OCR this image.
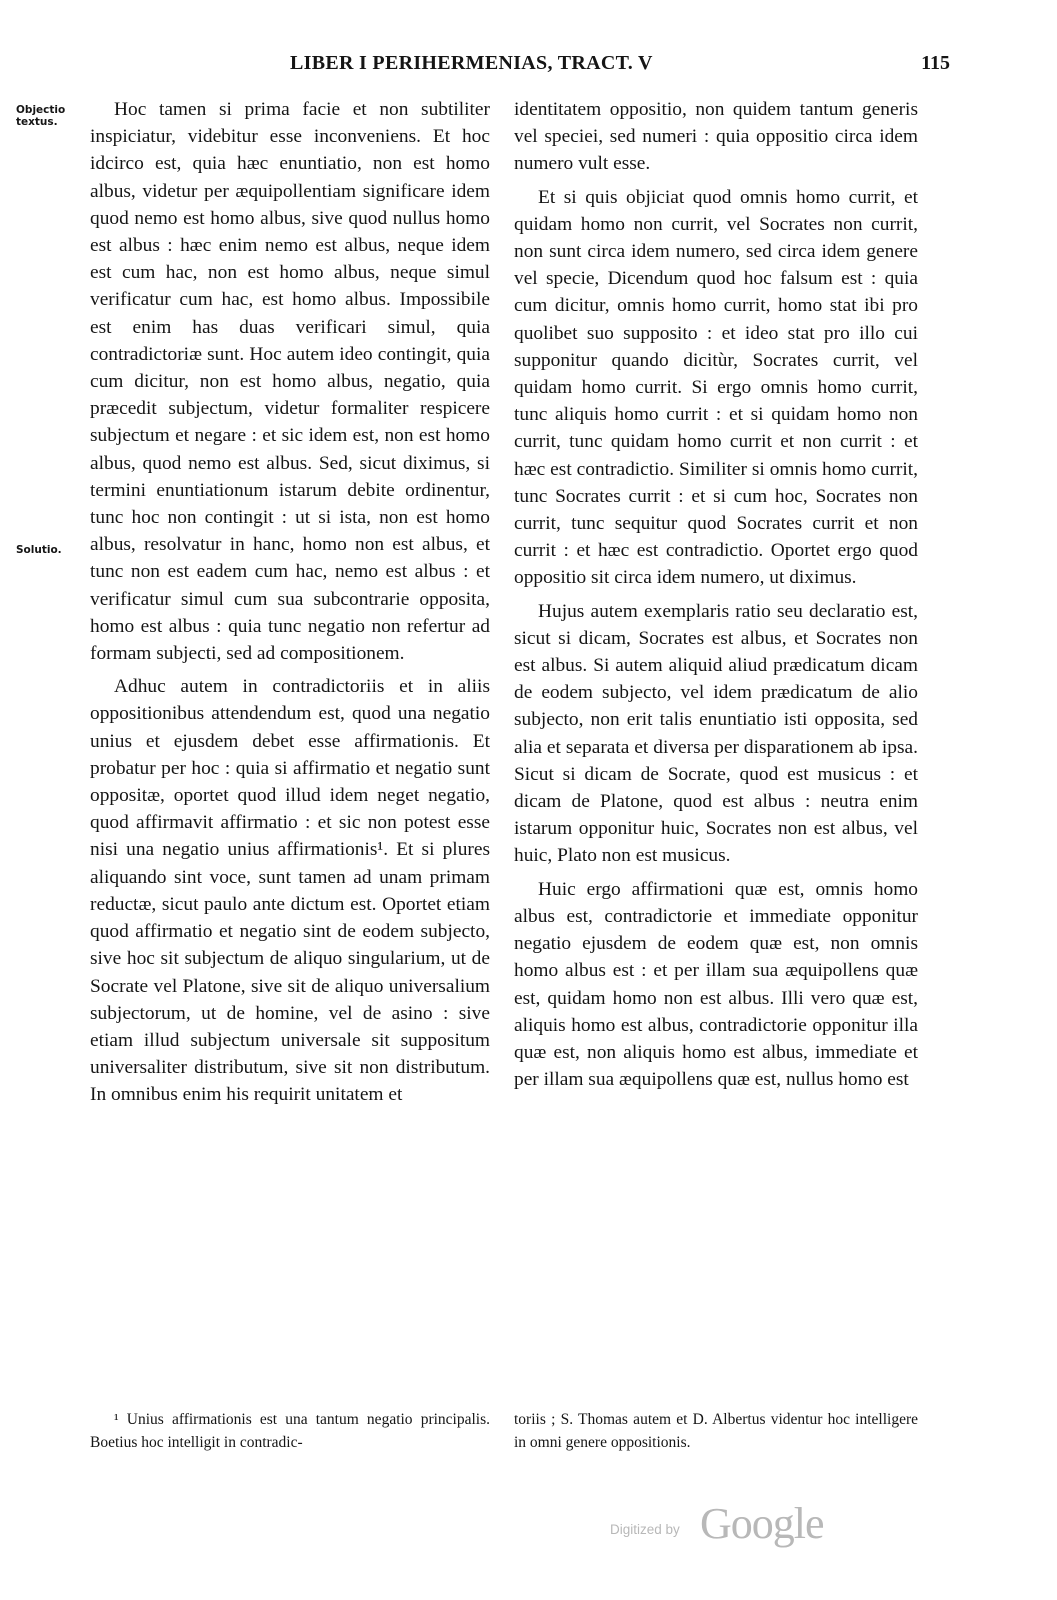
LIBER I PERIHERMENIAS, TRACT. V	115
Objectio textus.
Solutio.

Hoc tamen si prima facie et non subtiliter inspiciatur, videbitur esse inconveniens. Et hoc idcirco est, quia hæc enuntiatio, non est homo albus, videtur per æquipollentiam significare idem quod nemo est homo albus, sive quod nullus homo est albus : hæc enim nemo est albus, neque idem est cum hac, non est homo albus, neque simul verificatur cum hac, est homo albus. Impossibile est enim has duas verificari simul, quia contradictoriæ sunt. Hoc autem ideo contingit, quia cum dicitur, non est homo albus, negatio, quia præcedit subjectum, videtur formaliter respicere subjectum et negare : et sic idem est, non est homo albus, quod nemo est albus. Sed, sicut diximus, si termini enuntiationum istarum debite ordinentur, tunc hoc non contingit : ut si ista, non est homo albus, resolvatur in hanc, homo non est albus, et tunc non est eadem cum hac, nemo est albus : et verificatur simul cum sua subcontrarie opposita, homo est albus : quia tunc negatio non refertur ad formam subjecti, sed ad compositionem.

Adhuc autem in contradictoriis et in aliis oppositionibus attendendum est, quod una negatio unius et ejusdem debet esse affirmationis. Et probatur per hoc : quia si affirmatio et negatio sunt oppositæ, oportet quod illud idem neget negatio, quod affirmavit affirmatio : et sic non potest esse nisi una negatio unius affirmationis¹. Et si plures aliquando sint voce, sunt tamen ad unam primam reductæ, sicut paulo ante dictum est. Oportet etiam quod affirmatio et negatio sint de eodem subjecto, sive hoc sit subjectum de aliquo singularium, ut de Socrate vel Platone, sive sit de aliquo universalium subjectorum, ut de homine, vel de asino : sive etiam illud subjectum universale sit suppositum universaliter distributum, sive sit non distributum. In omnibus enim his requirit unitatem et

identitatem oppositio, non quidem tantum generis vel speciei, sed numeri : quia oppositio circa idem numero vult esse.

Et si quis objiciat quod omnis homo currit, et quidam homo non currit, vel Socrates non currit, non sunt circa idem numero, sed circa idem genere vel specie, Dicendum quod hoc falsum est : quia cum dicitur, omnis homo currit, homo stat ibi pro quolibet suo supposito : et ideo stat pro illo cui supponitur quando dicitùr, Socrates currit, vel quidam homo currit. Si ergo omnis homo currit, tunc aliquis homo currit : et si quidam homo non currit, tunc quidam homo currit et non currit : et hæc est contradictio. Similiter si omnis homo currit, tunc Socrates currit : et si cum hoc, Socrates non currit, tunc sequitur quod Socrates currit et non currit : et hæc est contradictio. Oportet ergo quod oppositio sit circa idem numero, ut diximus.

Hujus autem exemplaris ratio seu declaratio est, sicut si dicam, Socrates est albus, et Socrates non est albus. Si autem aliquid aliud prædicatum dicam de eodem subjecto, vel idem prædicatum de alio subjecto, non erit talis enuntiatio isti opposita, sed alia et separata et diversa per disparationem ab ipsa. Sicut si dicam de Socrate, quod est musicus : et dicam de Platone, quod est albus : neutra enim istarum opponitur huic, Socrates non est albus, vel huic, Plato non est musicus.

Huic ergo affirmationi quæ est, omnis homo albus est, contradictorie et immediate opponitur negatio ejusdem de eodem quæ est, non omnis homo albus est : et per illam sua æquipollens quæ est, quidam homo non est albus. Illi vero quæ est, aliquis homo est albus, contradictorie opponitur illa quæ est, non aliquis homo est albus, immediate et per illam sua æquipollens quæ est, nullus homo est

¹ Unius affirmationis est una tantum negatio principalis. Boetius hoc intelligit in contradic-

toriis ; S. Thomas autem et D. Albertus videntur hoc intelligere in omni genere oppositionis.

Digitized by Google
